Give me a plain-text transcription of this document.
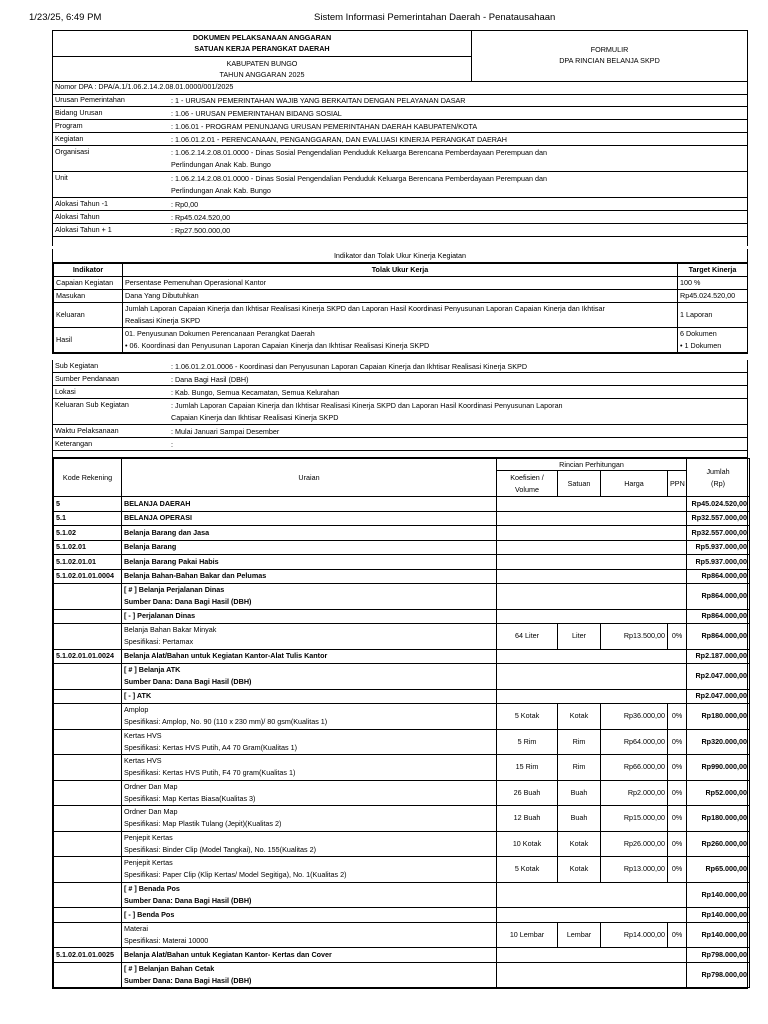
1/23/25, 6:49 PM	Sistem Informasi Pemerintahan Daerah - Penatausahaan
DOKUMEN PELAKSANAAN ANGGARAN
SATUAN KERJA PERANGKAT DAERAH
KABUPATEN BUNGO
TAHUN ANGGARAN 2025
FORMULIR
DPA RINCIAN BELANJA SKPD
Nomor DPA : DPA/A.1/1.06.2.14.2.08.01.0000/001/2025
Urusan Pemerintahan	: 1 - URUSAN PEMERINTAHAN WAJIB YANG BERKAITAN DENGAN PELAYANAN DASAR
Bidang Urusan	: 1.06 - URUSAN PEMERINTAHAN BIDANG SOSIAL
Program	: 1.06.01 - PROGRAM PENUNJANG URUSAN PEMERINTAHAN DAERAH KABUPATEN/KOTA
Kegiatan	: 1.06.01.2.01 - PERENCANAAN, PENGANGGARAN, DAN EVALUASI KINERJA PERANGKAT DAERAH
Organisasi	: 1.06.2.14.2.08.01.0000 - Dinas Sosial Pengendalian Penduduk Keluarga Berencana Pemberdayaan Perempuan dan
Perlindungan Anak Kab. Bungo
Unit	: 1.06.2.14.2.08.01.0000 - Dinas Sosial Pengendalian Penduduk Keluarga Berencana Pemberdayaan Perempuan dan
Perlindungan Anak Kab. Bungo
Alokasi Tahun -1	: Rp0,00
Alokasi Tahun	: Rp45.024.520,00
Alokasi Tahun + 1	: Rp27.500.000,00
Indikator dan Tolak Ukur Kinerja Kegiatan
Indikator	Tolak Ukur Kerja	Target Kinerja
Capaian Kegiatan	Persentase Pemenuhan Operasional Kantor	100 %

Masukan	Dana Yang Dibutuhkan	Rp45.024.520,00

Keluaran	Jumlah Laporan Capaian Kinerja dan Ikhtisar Realisasi Kinerja SKPD dan Laporan Hasil Koordinasi Penyusunan Laporan Capaian Kinerja dan Ikhtisar
Realisasi Kinerja SKPD	1 Laporan

Hasil	01. Penyusunan Dokumen Perencanaan Perangkat Daerah
• 06. Koordinasi dan Penyusunan Laporan Capaian Kinerja dan Ikhtisar Realisasi Kinerja SKPD	6 Dokumen
• 1 Dokumen
Sub Kegiatan	: 1.06.01.2.01.0006 - Koordinasi dan Penyusunan Laporan Capaian Kinerja dan Ikhtisar Realisasi Kinerja SKPD
Sumber Pendanaan	: Dana Bagi Hasil (DBH)
Lokasi	: Kab. Bungo, Semua Kecamatan, Semua Kelurahan
Keluaran Sub Kegiatan	: Jumlah Laporan Capaian Kinerja dan Ikhtisar Realisasi Kinerja SKPD dan Laporan Hasil Koordinasi Penyusunan Laporan
Capaian Kinerja dan Ikhtisar Realisasi Kinerja SKPD
Waktu Pelaksanaan	: Mulai Januari Sampai Desember
Keterangan	:
Kode Rekening	Uraian	Rincian Perhitungan				Jumlah
(Rp)

		Koefisien /
Volume	Satuan	Harga	PPN	
5	BELANJA DAERAH					Rp45.024.520,00
5.1	BELANJA OPERASI					Rp32.557.000,00
5.1.02	Belanja Barang dan Jasa					Rp32.557.000,00
5.1.02.01	Belanja Barang					Rp5.937.000,00
5.1.02.01.01	Belanja Barang Pakai Habis					Rp5.937.000,00
5.1.02.01.01.0004	Belanja Bahan-Bahan Bakar dan Pelumas					Rp864.000,00

	[ # ] Belanja Perjalanan Dinas
Sumber Dana: Dana Bagi Hasil (DBH)					Rp864.000,00

	[ - ] Perjalanan Dinas					Rp864.000,00

	Belanja Bahan Bakar Minyak
Spesifikasi: Pertamax	64 Liter	Liter	Rp13.500,00	0%	Rp864.000,00
5.1.02.01.01.0024	Belanja Alat/Bahan untuk Kegiatan Kantor-Alat Tulis Kantor					Rp2.187.000,00

	[ # ] Belanja ATK
Sumber Dana: Dana Bagi Hasil (DBH)					Rp2.047.000,00

	[ - ] ATK					Rp2.047.000,00

	Amplop
Spesifikasi: Amplop, No. 90 (110 x 230 mm)/ 80 gsm(Kualitas 1)	5 Kotak	Kotak	Rp36.000,00	0%	Rp180.000,00

	Kertas HVS
Spesifikasi: Kertas HVS Putih, A4 70 Gram(Kualitas 1)	5 Rim	Rim	Rp64.000,00	0%	Rp320.000,00

	Kertas HVS
Spesifikasi: Kertas HVS Putih, F4 70 gram(Kualitas 1)	15 Rim	Rim	Rp66.000,00	0%	Rp990.000,00

	Ordner Dan Map
Spesifikasi: Map Kertas Biasa(Kualitas 3)	26 Buah	Buah	Rp2.000,00	0%	Rp52.000,00

	Ordner Dan Map
Spesifikasi: Map Plastik Tulang (Jepit)(Kualitas 2)	12 Buah	Buah	Rp15.000,00	0%	Rp180.000,00

	Penjepit Kertas
Spesifikasi: Binder Clip (Model Tangkai), No. 155(Kualitas 2)	10 Kotak	Kotak	Rp26.000,00	0%	Rp260.000,00

	Penjepit Kertas
Spesifikasi: Paper Clip (Klip Kertas/ Model Segitiga), No. 1(Kualitas 2)	5 Kotak	Kotak	Rp13.000,00	0%	Rp65.000,00

	[ # ] Benada Pos
Sumber Dana: Dana Bagi Hasil (DBH)					Rp140.000,00

	[ - ] Benda Pos					Rp140.000,00

	Materai
Spesifikasi: Materai 10000	10 Lembar	Lembar	Rp14.000,00	0%	Rp140.000,00
5.1.02.01.01.0025	Belanja Alat/Bahan untuk Kegiatan Kantor- Kertas dan Cover					Rp798.000,00

	[ # ] Belanjan Bahan Cetak
Sumber Dana: Dana Bagi Hasil (DBH)					Rp798.000,00
